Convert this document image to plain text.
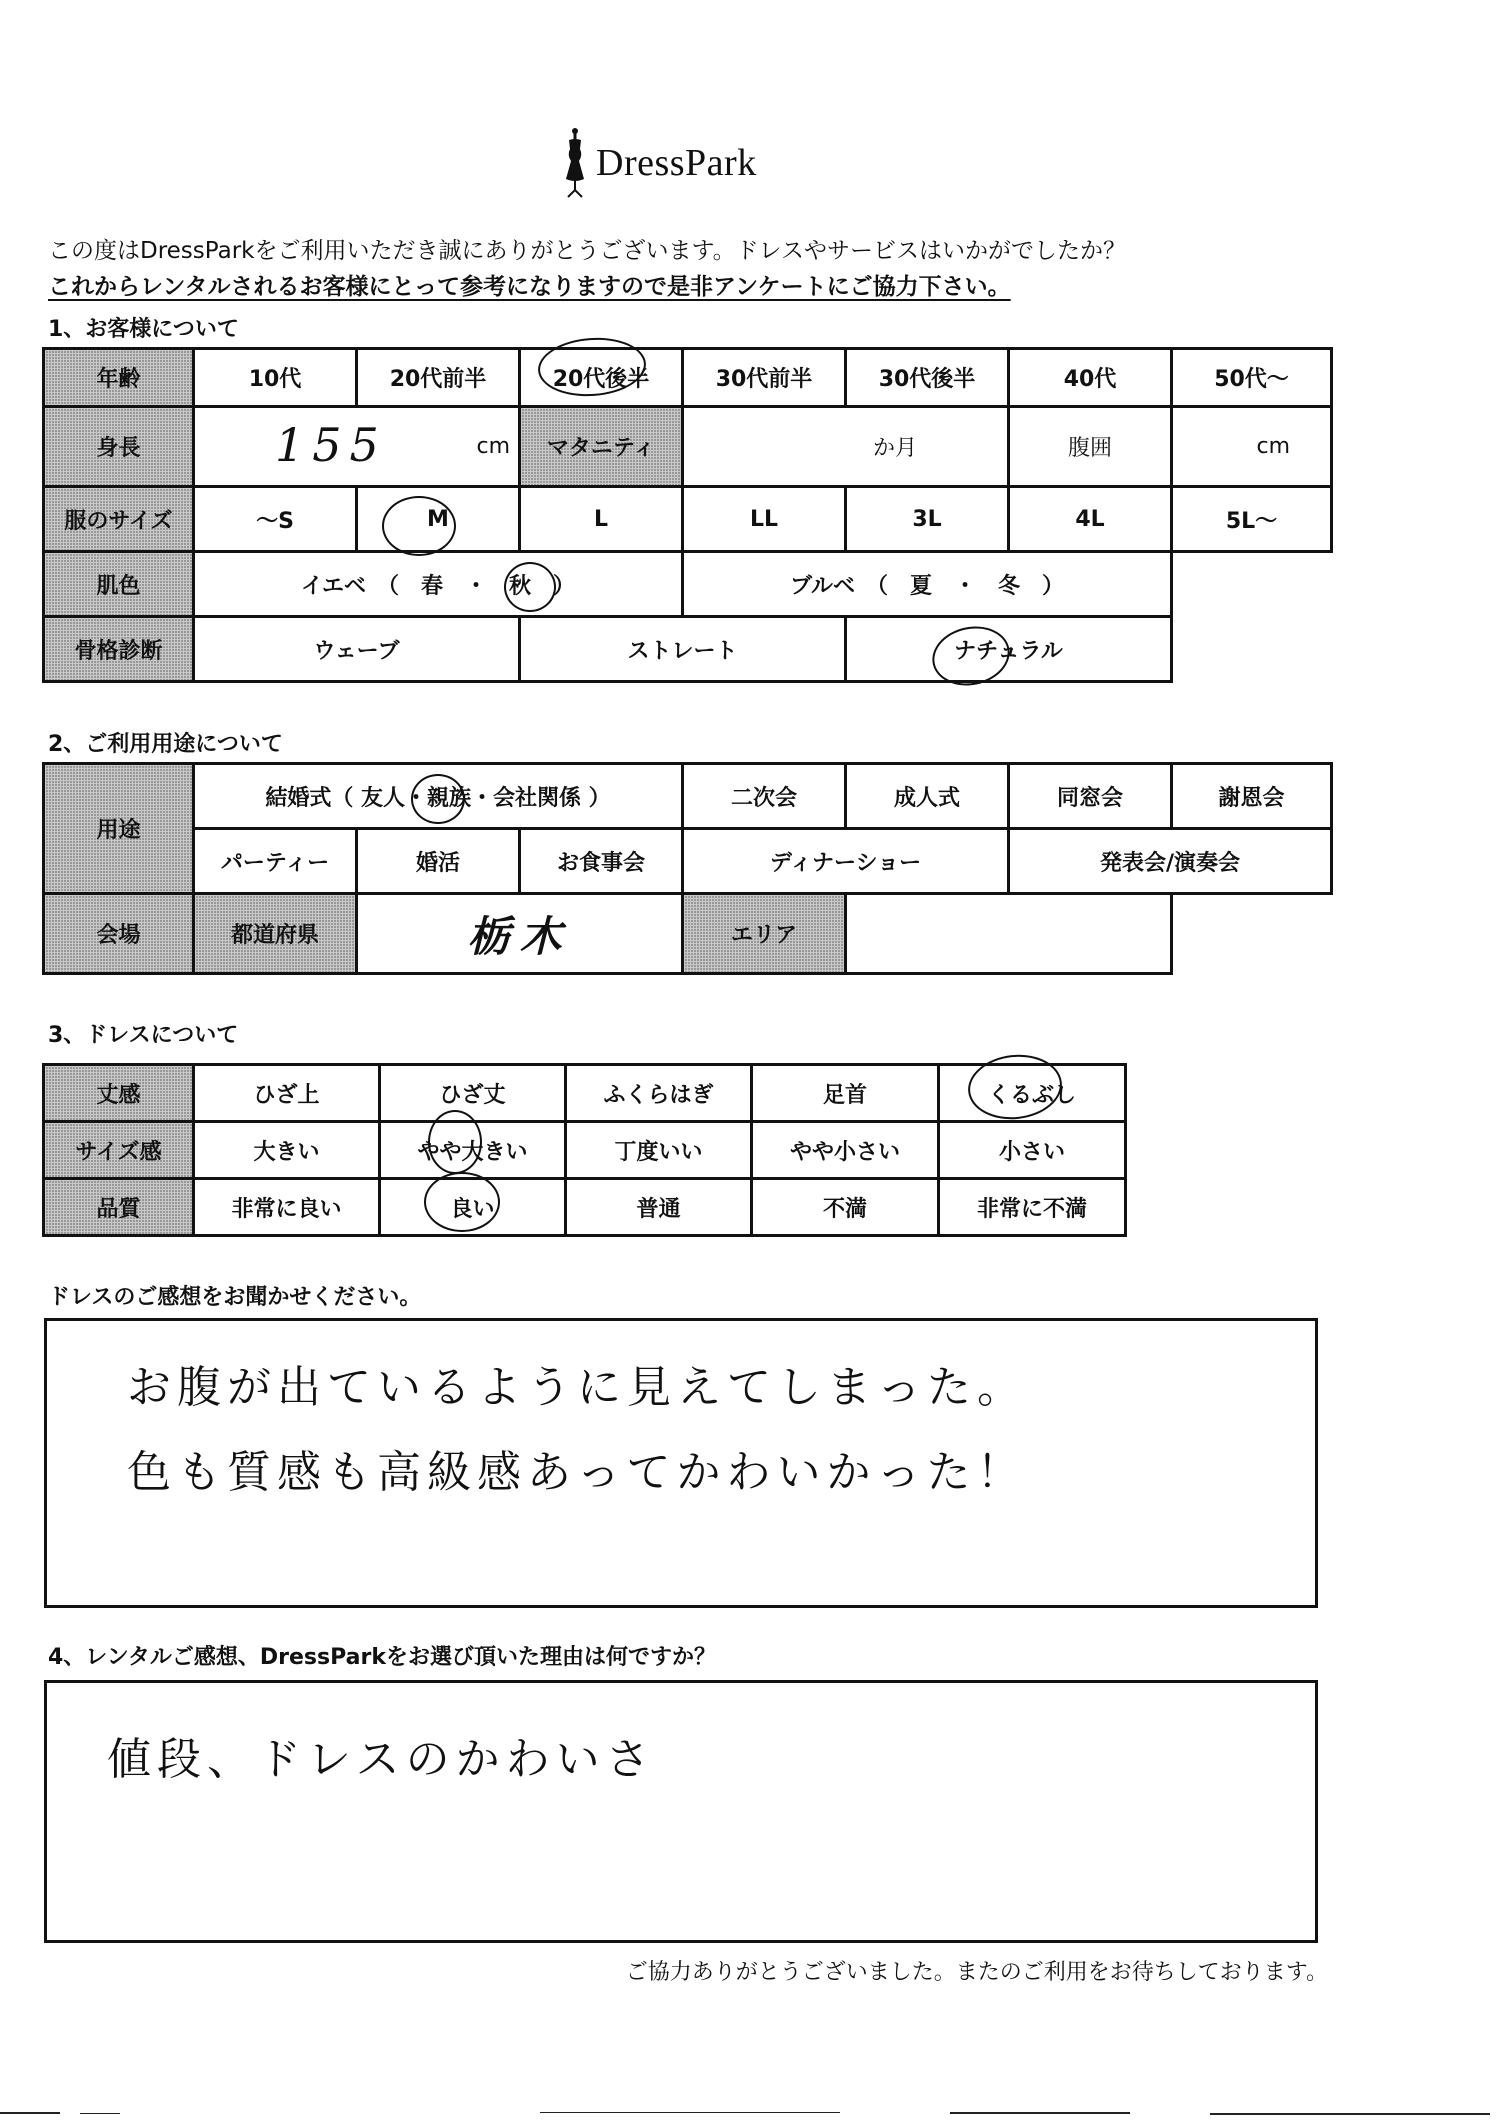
DressPark
この度はDressParkをご利用いただき誠にありがとうございます。ドレスやサービスはいかがでしたか？
これからレンタルされるお客様にとって参考になりますので是非アンケートにご協力下さい。
1、お客様について
年齢	10代	20代前半	20代後半	30代前半	30代後半	40代	50代～
身長	155 cm		マタニティ	か月		腹囲	cm
服のサイズ	～S	M	L	LL	3L	4L	5L～
肌色	イエベ　（　春　・　秋　）			ブルベ　（　夏　・　冬　）			
骨格診断	ウェーブ		ストレート		ナチュラル		
2、ご利用用途について
用途	結婚式（ 友人・親族・会社関係 ）			二次会	成人式	同窓会	謝恩会
	パーティー	婚活	お食事会	ディナーショー		発表会/演奏会	
会場	都道府県	栃木		エリア			
3、ドレスについて
丈感	ひざ上	ひざ丈	ふくらはぎ	足首	くるぶし
サイズ感	大きい	やや大きい	丁度いい	やや小さい	小さい
品質	非常に良い	良い	普通	不満	非常に不満
ドレスのご感想をお聞かせください。
お腹が出ているように見えてしまった。
色も質感も高級感あってかわいかった！
4、レンタルご感想、DressParkをお選び頂いた理由は何ですか？
値段、ドレスのかわいさ
ご協力ありがとうございました。またのご利用をお待ちしております。
